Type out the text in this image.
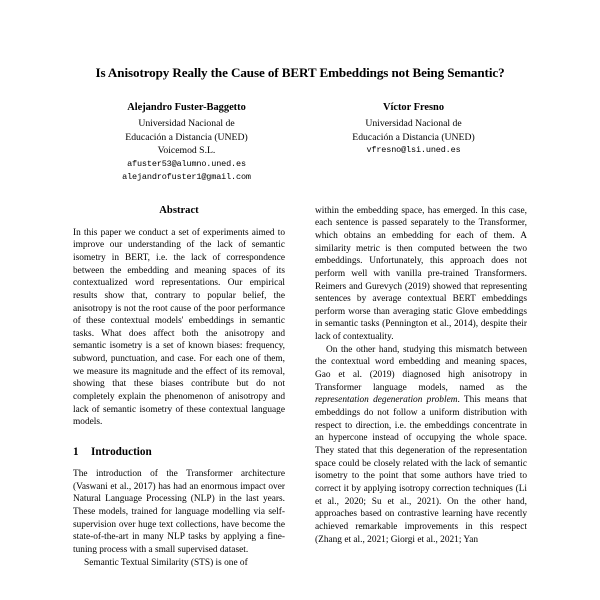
Is Anisotropy Really the Cause of BERT Embeddings not Being Semantic?
Alejandro Fuster-Baggetto
Universidad Nacional de
Educación a Distancia (UNED)
Voicemod S.L.
afuster53@alumno.uned.es
alejandrofuster1@gmail.com
Víctor Fresno
Universidad Nacional de
Educación a Distancia (UNED)
vfresno@lsi.uned.es
Abstract

In this paper we conduct a set of experiments aimed to improve our understanding of the lack of semantic isometry in BERT, i.e. the lack of correspondence between the embedding and meaning spaces of its contextualized word representations. Our empirical results show that, contrary to popular belief, the anisotropy is not the root cause of the poor performance of these contextual models' embeddings in semantic tasks. What does affect both the anisotropy and semantic isometry is a set of known biases: frequency, subword, punctuation, and case. For each one of them, we measure its magnitude and the effect of its removal, showing that these biases contribute but do not completely explain the phenomenon of anisotropy and lack of semantic isometry of these contextual language models.

1 Introduction

The introduction of the Transformer architecture (Vaswani et al., 2017) has had an enormous impact over Natural Language Processing (NLP) in the last years. These models, trained for language modelling via self-supervision over huge text collections, have become the state-of-the-art in many NLP tasks by applying a fine-tuning process with a small supervised dataset.

Semantic Textual Similarity (STS) is one of

within the embedding space, has emerged. In this case, each sentence is passed separately to the Transformer, which obtains an embedding for each of them. A similarity metric is then computed between the two embeddings. Unfortunately, this approach does not perform well with vanilla pre-trained Transformers. Reimers and Gurevych (2019) showed that representing sentences by average contextual BERT embeddings perform worse than averaging static Glove embeddings in semantic tasks (Pennington et al., 2014), despite their lack of contextuality.

On the other hand, studying this mismatch between the contextual word embedding and meaning spaces, Gao et al. (2019) diagnosed high anisotropy in Transformer language models, named as the representation degeneration problem. This means that embeddings do not follow a uniform distribution with respect to direction, i.e. the embeddings concentrate in an hypercone instead of occupying the whole space. They stated that this degeneration of the representation space could be closely related with the lack of semantic isometry to the point that some authors have tried to correct it by applying isotropy correction techniques (Li et al., 2020; Su et al., 2021). On the other hand, approaches based on contrastive learning have recently achieved remarkable improvements in this respect (Zhang et al., 2021; Giorgi et al., 2021; Yan
